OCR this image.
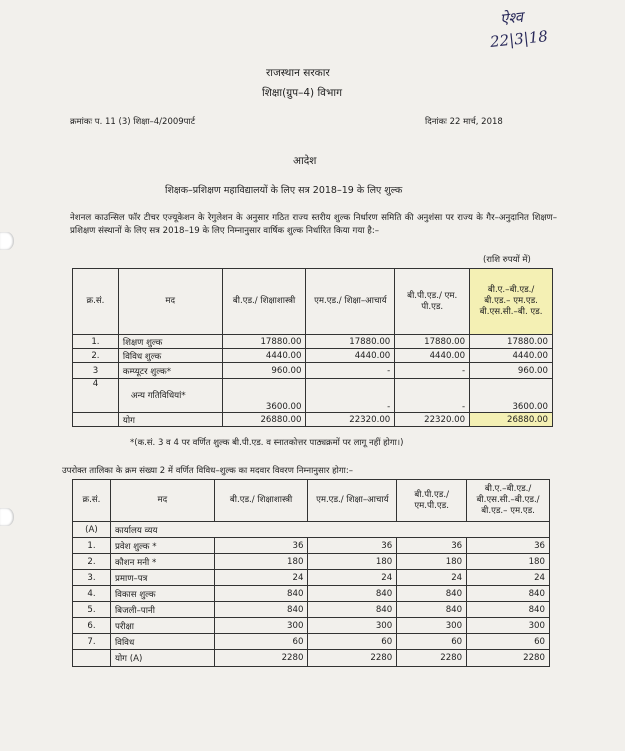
ऐश्व
22|3|18
राजस्थान सरकार
शिक्षा(ग्रुप–4) विभाग
क्रमांकः प. 11 (3) शिक्षा–4/2009पार्ट	दिनांकः 22 मार्च, 2018
आदेश
शिक्षक–प्रशिक्षण महाविद्यालयों के लिए सत्र 2018–19 के लिए शुल्क
नेशनल काउन्सिल फॉर टीचर एज्यूकेशन के रेगुलेशन के अनुसार गठित राज्य स्तरीय शुल्क निर्धारण समिति की अनुशंसा पर राज्य के गैर–अनुदानित शिक्षण–प्रशिक्षण संस्थानों के लिए सत्र 2018–19 के लिए निम्नानुसार वार्षिक शुल्क निर्धारित किया गया है:–
(राशि रुपयों में)
क्र.सं.	मद	बी.एड./ शिक्षाशास्त्री	एम.एड./ शिक्षा–आचार्य	बी.पी.एड./ एम. पी.एड.	बी.ए.–बी.एड./ बी.एड.– एम.एड. बी.एस.सी.–बी. एड.
1.	शिक्षण शुल्क	17880.00	17880.00	17880.00	17880.00
2.	विविध शुल्क	4440.00	4440.00	4440.00	4440.00
3	कम्प्यूटर शुल्क*	960.00	-	-	960.00
4	अन्य गतिविधियां*	3600.00	-	-	3600.00
	योग	26880.00	22320.00	22320.00	26880.00
*(क.सं. 3 व 4 पर वर्णित शुल्क बी.पी.एड. व स्नातकोत्तर पाठ्यक्रमों पर लागू नहीं होगा।)
उपरोक्त तालिका के क्रम संख्या 2 में वर्णित विविध–शुल्क का मदवार विवरण निम्नानुसार होगा:–
क्र.सं.	मद	बी.एड./ शिक्षाशास्त्री	एम.एड./ शिक्षा–आचार्य	बी.पी.एड./ एम.पी.एड.	बी.ए.–बी.एड./ बी.एस.सी.–बी.एड./ बी.एड.– एम.एड.
(A)	कार्यालय व्यय				
1.	प्रवेश शुल्क *	36	36	36	36
2.	कौशन मनी *	180	180	180	180
3.	प्रमाण–पत्र	24	24	24	24
4.	विकास शुल्क	840	840	840	840
5.	बिजली–पानी	840	840	840	840
6.	परीक्षा	300	300	300	300
7.	विविध	60	60	60	60
	योग (A)	2280	2280	2280	2280
